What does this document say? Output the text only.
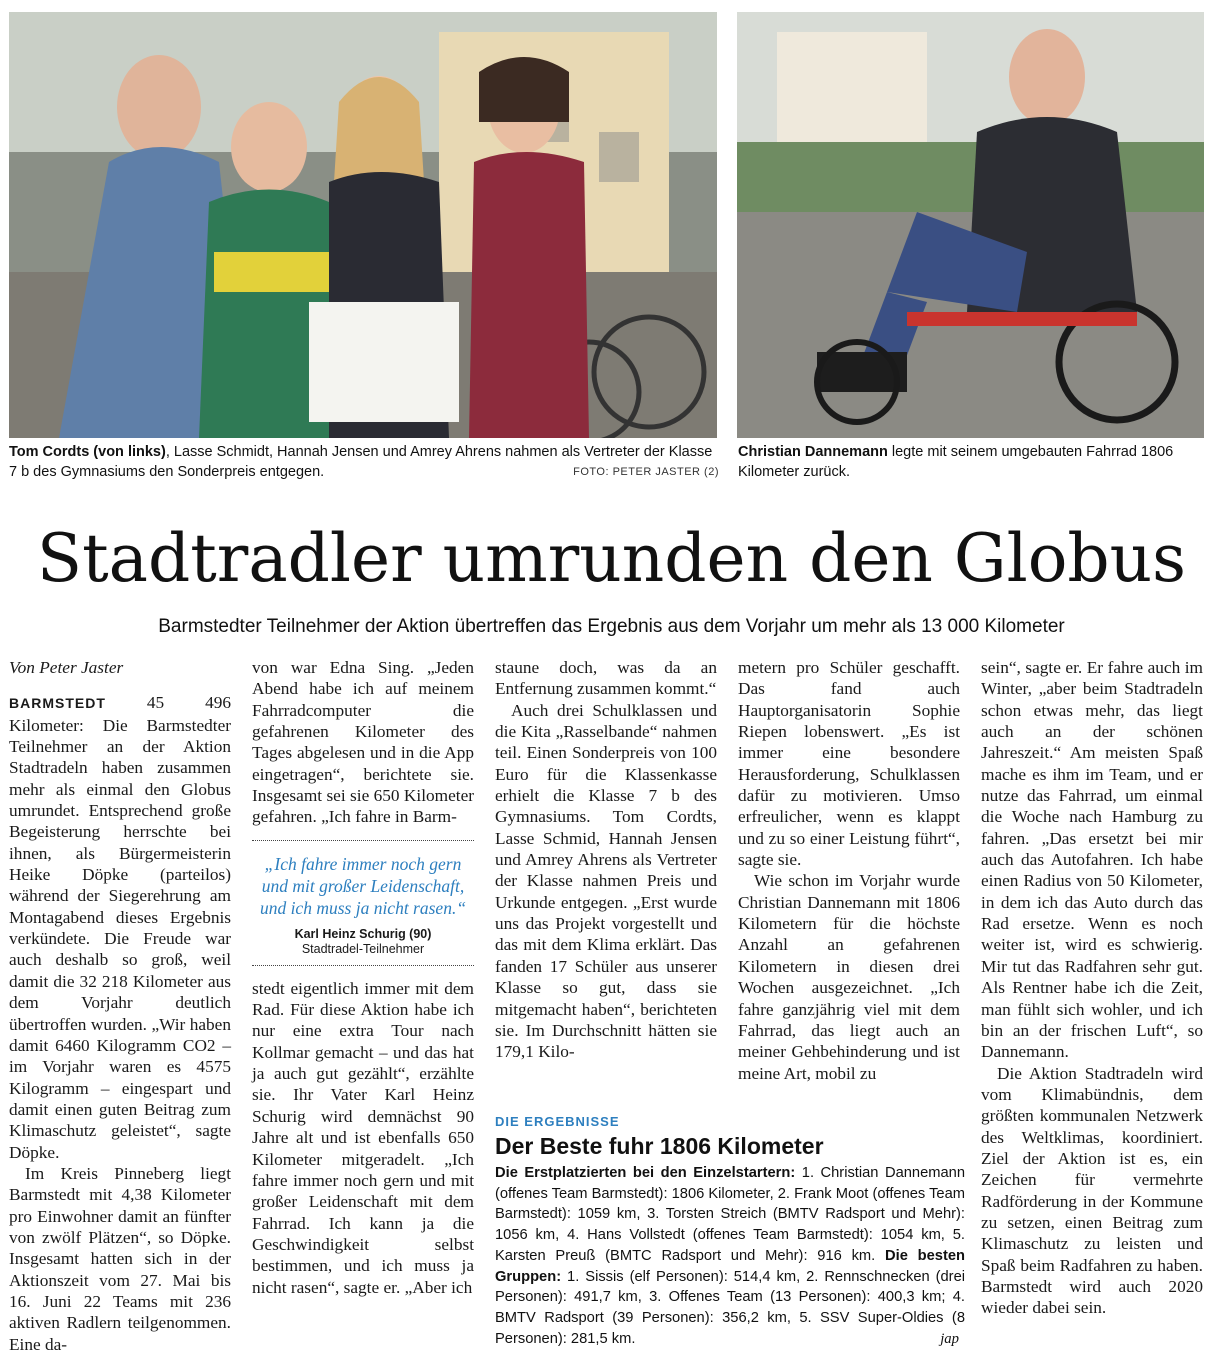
Tom Cordts (von links), Lasse Schmidt, Hannah Jensen und Amrey Ahrens nahmen als Vertreter der Klasse 7 b des Gymnasiums den Sonderpreis entgegen.	FOTO: PETER JASTER (2)
Christian Dannemann legte mit seinem umgebauten Fahrrad 1806 Kilometer zurück.
Stadtradler umrunden den Globus
Barmstedter Teilnehmer der Aktion übertreffen das Ergebnis aus dem Vorjahr um mehr als 13 000 Kilometer

Von Peter Jaster

BARMSTEDT 45 496 Kilometer: Die Barmstedter Teilnehmer an der Aktion Stadtradeln haben zusammen mehr als einmal den Globus umrundet. Entsprechend große Begeisterung herrschte bei ihnen, als Bürgermeisterin Heike Döpke (parteilos) während der Siegerehrung am Montagabend dieses Ergebnis verkündete. Die Freude war auch deshalb so groß, weil damit die 32 218 Kilometer aus dem Vorjahr deutlich übertroffen wurden. „Wir haben damit 6460 Kilogramm CO2 – im Vorjahr waren es 4575 Kilogramm – eingespart und damit einen guten Beitrag zum Klimaschutz geleistet“, sagte Döpke.

Im Kreis Pinneberg liegt Barmstedt mit 4,38 Kilometer pro Einwohner damit an fünfter von zwölf Plätzen“, so Döpke. Insgesamt hatten sich in der Aktionszeit vom 27. Mai bis 16. Juni 22 Teams mit 236 aktiven Radlern teilgenommen. Eine da-

von war Edna Sing. „Jeden Abend habe ich auf meinem Fahrradcomputer die gefahrenen Kilometer des Tages abgelesen und in die App eingetragen“, berichtete sie. Insgesamt sei sie 650 Kilometer gefahren. „Ich fahre in Barm-

„Ich fahre immer noch gern und mit großer Leidenschaft, und ich muss ja nicht rasen.“
Karl Heinz Schurig (90)
Stadtradel-Teilnehmer

stedt eigentlich immer mit dem Rad. Für diese Aktion habe ich nur eine extra Tour nach Kollmar gemacht – und das hat ja auch gut gezählt“, erzählte sie. Ihr Vater Karl Heinz Schurig wird demnächst 90 Jahre alt und ist ebenfalls 650 Kilometer mitgeradelt. „Ich fahre immer noch gern und mit großer Leidenschaft mit dem Fahrrad. Ich kann ja die Geschwindigkeit selbst bestimmen, und ich muss ja nicht rasen“, sagte er. „Aber ich

staune doch, was da an Entfernung zusammen kommt.“

Auch drei Schulklassen und die Kita „Rasselbande“ nahmen teil. Einen Sonderpreis von 100 Euro für die Klassenkasse erhielt die Klasse 7 b des Gymnasiums. Tom Cordts, Lasse Schmid, Hannah Jensen und Amrey Ahrens als Vertreter der Klasse nahmen Preis und Urkunde entgegen. „Erst wurde uns das Projekt vorgestellt und das mit dem Klima erklärt. Das fanden 17 Schüler aus unserer Klasse so gut, dass sie mitgemacht haben“, berichteten sie. Im Durchschnitt hätten sie 179,1 Kilo-

metern pro Schüler geschafft. Das fand auch Hauptorganisatorin Sophie Riepen lobenswert. „Es ist immer eine besondere Herausforderung, Schulklassen dafür zu motivieren. Umso erfreulicher, wenn es klappt und zu so einer Leistung führt“, sagte sie.

Wie schon im Vorjahr wurde Christian Dannemann mit 1806 Kilometern für die höchste Anzahl an gefahrenen Kilometern in diesen drei Wochen ausgezeichnet. „Ich fahre ganzjährig viel mit dem Fahrrad, das liegt auch an meiner Gehbehinderung und ist meine Art, mobil zu

sein“, sagte er. Er fahre auch im Winter, „aber beim Stadtradeln schon etwas mehr, das liegt auch an der schönen Jahreszeit.“ Am meisten Spaß mache es ihm im Team, und er nutze das Fahrrad, um einmal die Woche nach Hamburg zu fahren. „Das ersetzt bei mir auch das Autofahren. Ich habe einen Radius von 50 Kilometer, in dem ich das Auto durch das Rad ersetze. Wenn es noch weiter ist, wird es schwierig. Mir tut das Radfahren sehr gut. Als Rentner habe ich die Zeit, man fühlt sich wohler, und ich bin an der frischen Luft“, so Dannemann.

Die Aktion Stadtradeln wird vom Klimabündnis, dem größten kommunalen Netzwerk des Weltklimas, koordiniert. Ziel der Aktion ist es, ein Zeichen für vermehrte Radförderung in der Kommune zu setzen, einen Beitrag zum Klimaschutz zu leisten und Spaß beim Radfahren zu haben. Barmstedt wird auch 2020 wieder dabei sein.

DIE ERGEBNISSE
Der Beste fuhr 1806 Kilometer
Die Erstplatzierten bei den Einzelstartern: 1. Christian Dannemann (offenes Team Barmstedt): 1806 Kilometer, 2. Frank Moot (offenes Team Barmstedt): 1059 km, 3. Torsten Streich (BMTV Radsport und Mehr): 1056 km, 4. Hans Vollstedt (offenes Team Barmstedt): 1054 km, 5. Karsten Preuß (BMTC Radsport und Mehr): 916 km. Die besten Gruppen: 1. Sissis (elf Personen): 514,4 km, 2. Rennschnecken (drei Personen): 491,7 km, 3. Offenes Team (13 Personen): 400,3 km; 4. BMTV Radsport (39 Personen): 356,2 km, 5. SSV Super-Oldies (8 Personen): 281,5 km.	jap
